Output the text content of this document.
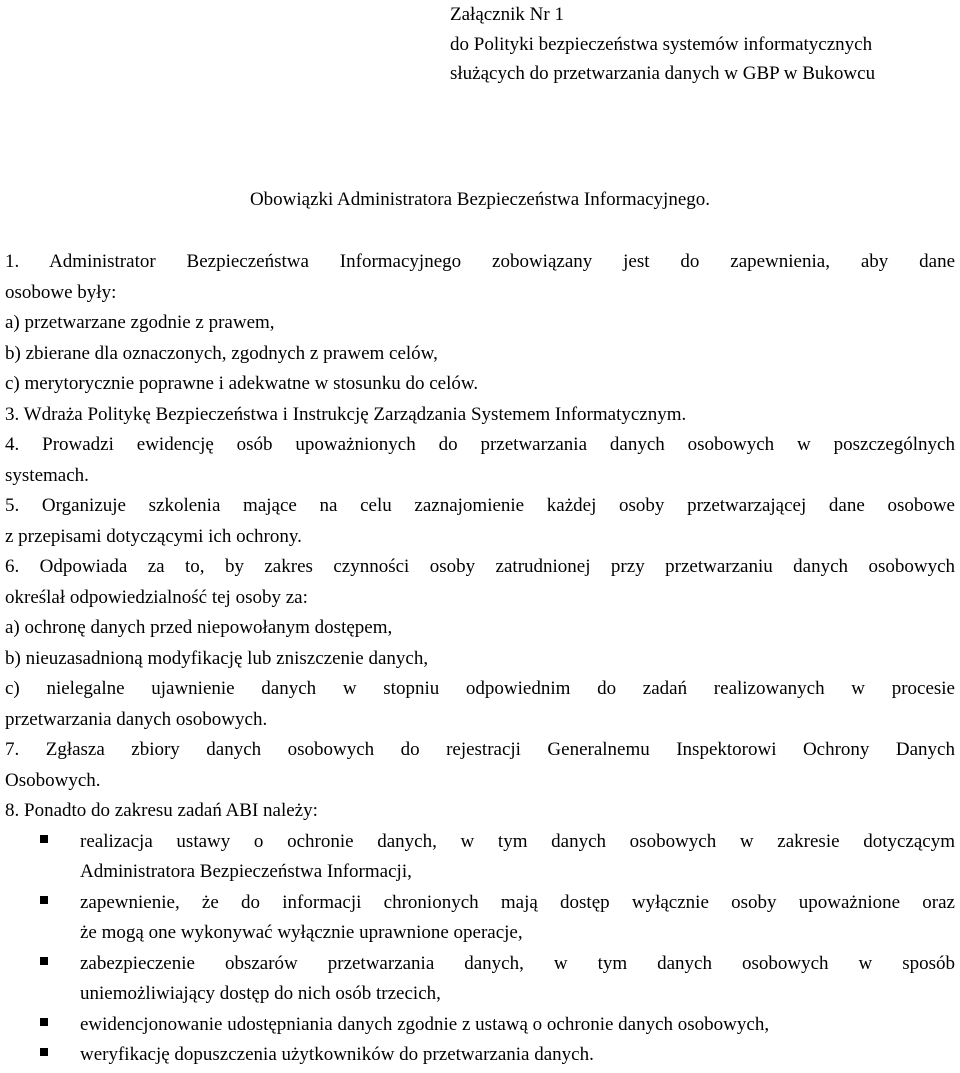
Załącznik Nr 1
do Polityki bezpieczeństwa systemów informatycznych
służących do przetwarzania danych w GBP w Bukowcu
Obowiązki Administratora Bezpieczeństwa Informacyjnego.
1. Administrator Bezpieczeństwa Informacyjnego zobowiązany jest do zapewnienia, aby dane
osobowe były:
a) przetwarzane zgodnie z prawem,
b) zbierane dla oznaczonych, zgodnych z prawem celów,
c) merytorycznie poprawne i adekwatne w stosunku do celów.
3. Wdraża Politykę Bezpieczeństwa i Instrukcję Zarządzania Systemem Informatycznym.
4. Prowadzi ewidencję osób upoważnionych do przetwarzania danych osobowych w poszczególnych
systemach.
5. Organizuje szkolenia mające na celu zaznajomienie każdej osoby przetwarzającej dane osobowe
z przepisami dotyczącymi ich ochrony.
6. Odpowiada za to, by zakres czynności osoby zatrudnionej przy przetwarzaniu danych osobowych
określał odpowiedzialność tej osoby za:
a) ochronę danych przed niepowołanym dostępem,
b) nieuzasadnioną modyfikację lub zniszczenie danych,
c) nielegalne ujawnienie danych w stopniu odpowiednim do zadań realizowanych w procesie
przetwarzania danych osobowych.
7. Zgłasza zbiory danych osobowych do rejestracji Generalnemu Inspektorowi Ochrony Danych
Osobowych.
8. Ponadto do zakresu zadań ABI należy:
realizacja ustawy o ochronie danych, w tym danych osobowych w zakresie dotyczącym
Administratora Bezpieczeństwa Informacji,
zapewnienie, że do informacji chronionych mają dostęp wyłącznie osoby upoważnione oraz
że mogą one wykonywać wyłącznie uprawnione operacje,
zabezpieczenie obszarów przetwarzania danych, w tym danych osobowych w sposób
uniemożliwiający dostęp do nich osób trzecich,
ewidencjonowanie udostępniania danych zgodnie z ustawą o ochronie danych osobowych,
weryfikację dopuszczenia użytkowników do przetwarzania danych.
